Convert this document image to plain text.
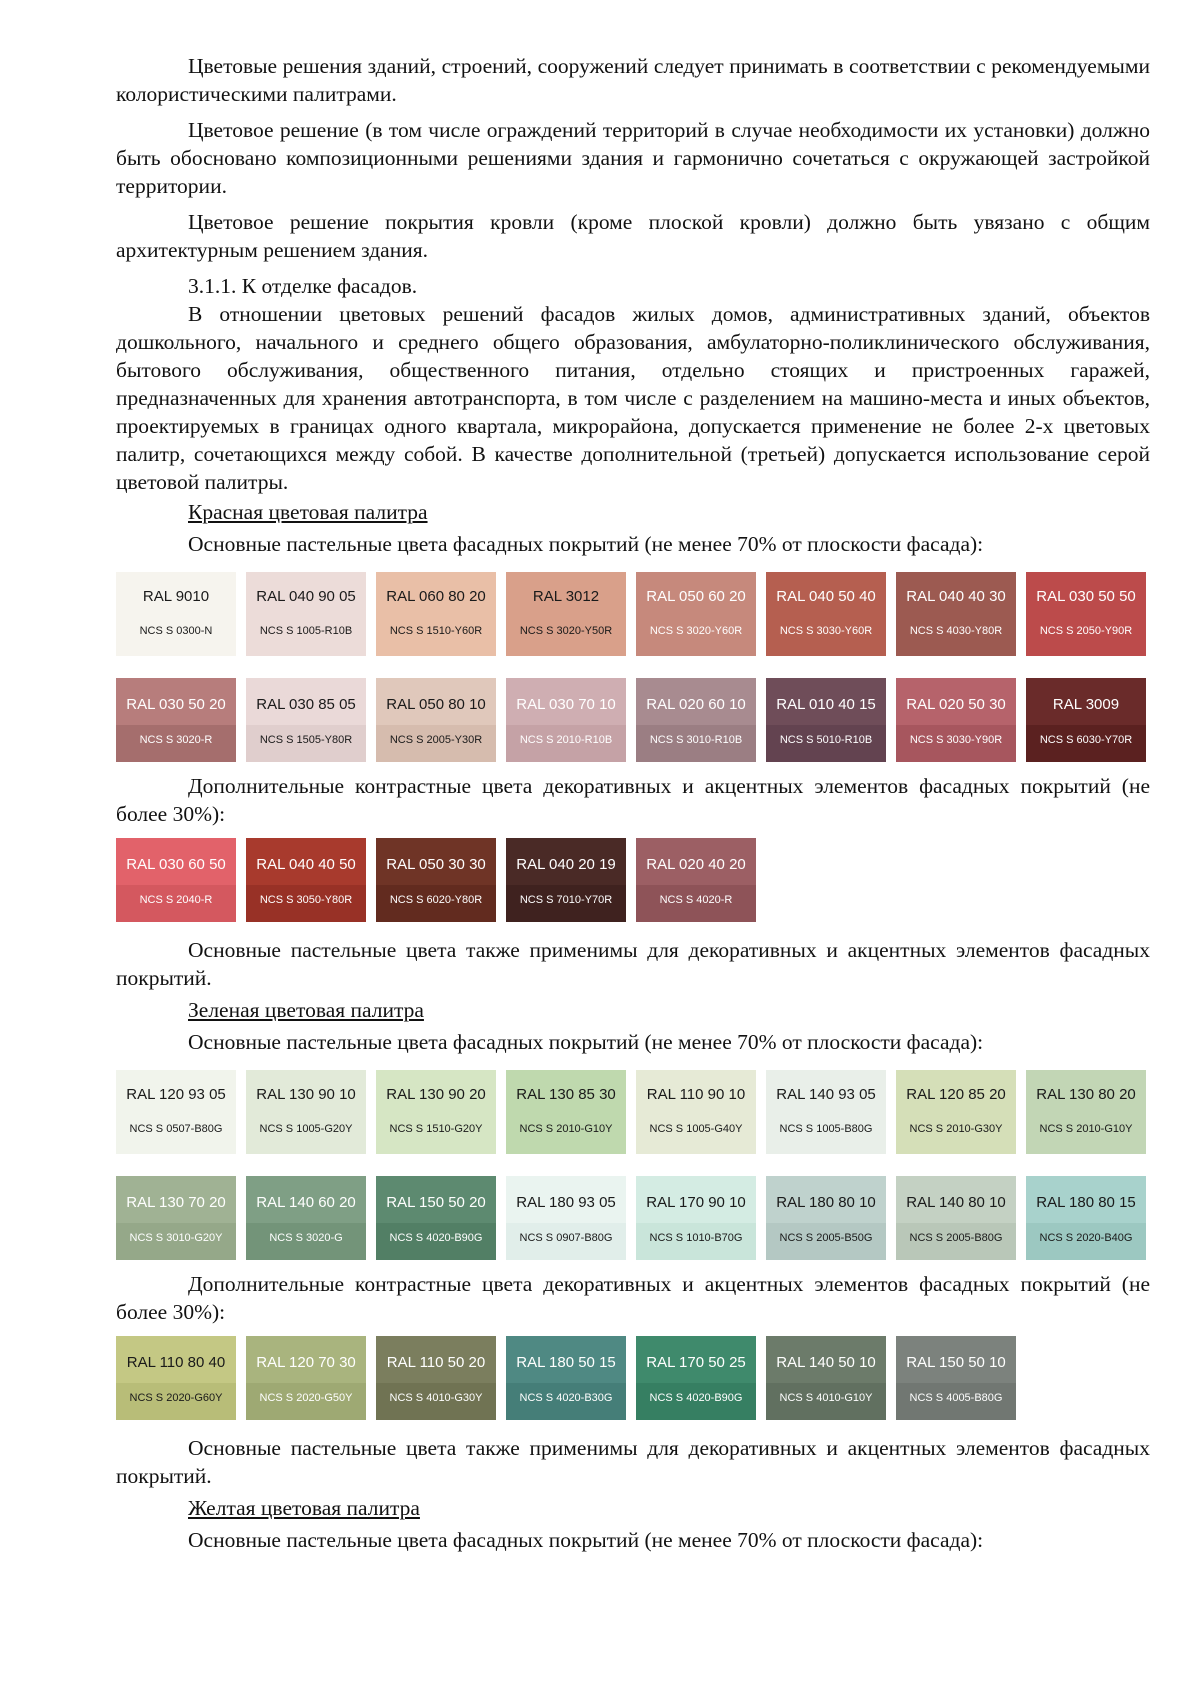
Цветовые решения зданий, строений, сооружений следует принимать в соответствии с рекомендуемыми колористическими палитрами.

Цветовое решение (в том числе ограждений территорий в случае необходимости их установки) должно быть обосновано композиционными решениями здания и гармонично сочетаться с окружающей застройкой территории.

Цветовое решение покрытия кровли (кроме плоской кровли) должно быть увязано с общим архитектурным решением здания.

3.1.1. К отделке фасадов.

В отношении цветовых решений фасадов жилых домов, административных зданий, объектов дошкольного, начального и среднего общего образования, амбулаторно-поликлинического обслуживания, бытового обслуживания, общественного питания, отдельно стоящих и пристроенных гаражей, предназначенных для хранения автотранспорта, в том числе с разделением на машино-места и иных объектов, проектируемых в границах одного квартала, микрорайона, допускается применение не более 2-х цветовых палитр, сочетающихся между собой. В качестве дополнительной (третьей) допускается использование серой цветовой палитры.

Красная цветовая палитра

Основные пастельные цвета фасадных покрытий (не менее 70% от плоскости фасада):

RAL 9010
NCS S 0300-N
RAL 040 90 05
NCS S 1005-R10B
RAL 060 80 20
NCS S 1510-Y60R
RAL 3012
NCS S 3020-Y50R
RAL 050 60 20
NCS S 3020-Y60R
RAL 040 50 40
NCS S 3030-Y60R
RAL 040 40 30
NCS S 4030-Y80R
RAL 030 50 50
NCS S 2050-Y90R
RAL 030 50 20
NCS S 3020-R
RAL 030 85 05
NCS S 1505-Y80R
RAL 050 80 10
NCS S 2005-Y30R
RAL 030 70 10
NCS S 2010-R10B
RAL 020 60 10
NCS S 3010-R10B
RAL 010 40 15
NCS S 5010-R10B
RAL 020 50 30
NCS S 3030-Y90R
RAL 3009
NCS S 6030-Y70R

Дополнительные контрастные цвета декоративных и акцентных элементов фасадных покрытий (не более 30%):

RAL 030 60 50
NCS S 2040-R
RAL 040 40 50
NCS S 3050-Y80R
RAL 050 30 30
NCS S 6020-Y80R
RAL 040 20 19
NCS S 7010-Y70R
RAL 020 40 20
NCS S 4020-R

Основные пастельные цвета также применимы для декоративных и акцентных элементов фасадных покрытий.

Зеленая цветовая палитра

Основные пастельные цвета фасадных покрытий (не менее 70% от плоскости фасада):

RAL 120 93 05
NCS S 0507-B80G
RAL 130 90 10
NCS S 1005-G20Y
RAL 130 90 20
NCS S 1510-G20Y
RAL 130 85 30
NCS S 2010-G10Y
RAL 110 90 10
NCS S 1005-G40Y
RAL 140 93 05
NCS S 1005-B80G
RAL 120 85 20
NCS S 2010-G30Y
RAL 130 80 20
NCS S 2010-G10Y
RAL 130 70 20
NCS S 3010-G20Y
RAL 140 60 20
NCS S 3020-G
RAL 150 50 20
NCS S 4020-B90G
RAL 180 93 05
NCS S 0907-B80G
RAL 170 90 10
NCS S 1010-B70G
RAL 180 80 10
NCS S 2005-B50G
RAL 140 80 10
NCS S 2005-B80G
RAL 180 80 15
NCS S 2020-B40G

Дополнительные контрастные цвета декоративных и акцентных элементов фасадных покрытий (не более 30%):

RAL 110 80 40
NCS S 2020-G60Y
RAL 120 70 30
NCS S 2020-G50Y
RAL 110 50 20
NCS S 4010-G30Y
RAL 180 50 15
NCS S 4020-B30G
RAL 170 50 25
NCS S 4020-B90G
RAL 140 50 10
NCS S 4010-G10Y
RAL 150 50 10
NCS S 4005-B80G

Основные пастельные цвета также применимы для декоративных и акцентных элементов фасадных покрытий.

Желтая цветовая палитра

Основные пастельные цвета фасадных покрытий (не менее 70% от плоскости фасада):
